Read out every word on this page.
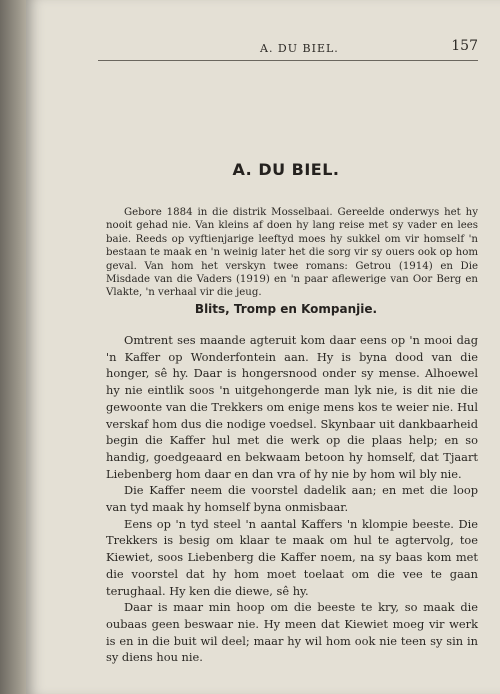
A. DU BIEL.	157
A. DU BIEL.

Gebore 1884 in die distrik Mosselbaai. Gereelde onderwys het hy nooit gehad nie. Van kleins af doen hy lang reise met sy vader en lees baie. Reeds op vyftienjarige leeftyd moes hy sukkel om vir homself 'n bestaan te maak en 'n weinig later het die sorg vir sy ouers ook op hom geval. Van hom het verskyn twee romans: Getrou (1914) en Die Misdade van die Vaders (1919) en 'n paar aflewerige van Oor Berg en Vlakte, 'n verhaal vir die jeug.

Blits, Tromp en Kompanjie.

Omtrent ses maande agteruit kom daar eens op 'n mooi dag 'n Kaffer op Wonderfontein aan. Hy is byna dood van die honger, sê hy. Daar is hongersnood onder sy mense. Alhoewel hy nie eintlik soos 'n uitgehongerde man lyk nie, is dit nie die gewoonte van die Trekkers om enige mens kos te weier nie. Hul verskaf hom dus die nodige voedsel. Skynbaar uit dankbaarheid begin die Kaffer hul met die werk op die plaas help; en so handig, goedgeaard en bekwaam betoon hy homself, dat Tjaart Liebenberg hom daar en dan vra of hy nie by hom wil bly nie.

Die Kaffer neem die voorstel dadelik aan; en met die loop van tyd maak hy homself byna onmisbaar.

Eens op 'n tyd steel 'n aantal Kaffers 'n klompie beeste. Die Trekkers is besig om klaar te maak om hul te agtervolg, toe Kiewiet, soos Liebenberg die Kaffer noem, na sy baas kom met die voorstel dat hy hom moet toelaat om die vee te gaan terughaal. Hy ken die diewe, sê hy.

Daar is maar min hoop om die beeste te kry, so maak die oubaas geen beswaar nie. Hy meen dat Kiewiet moeg vir werk is en in die buit wil deel; maar hy wil hom ook nie teen sy sin in sy diens hou nie.
